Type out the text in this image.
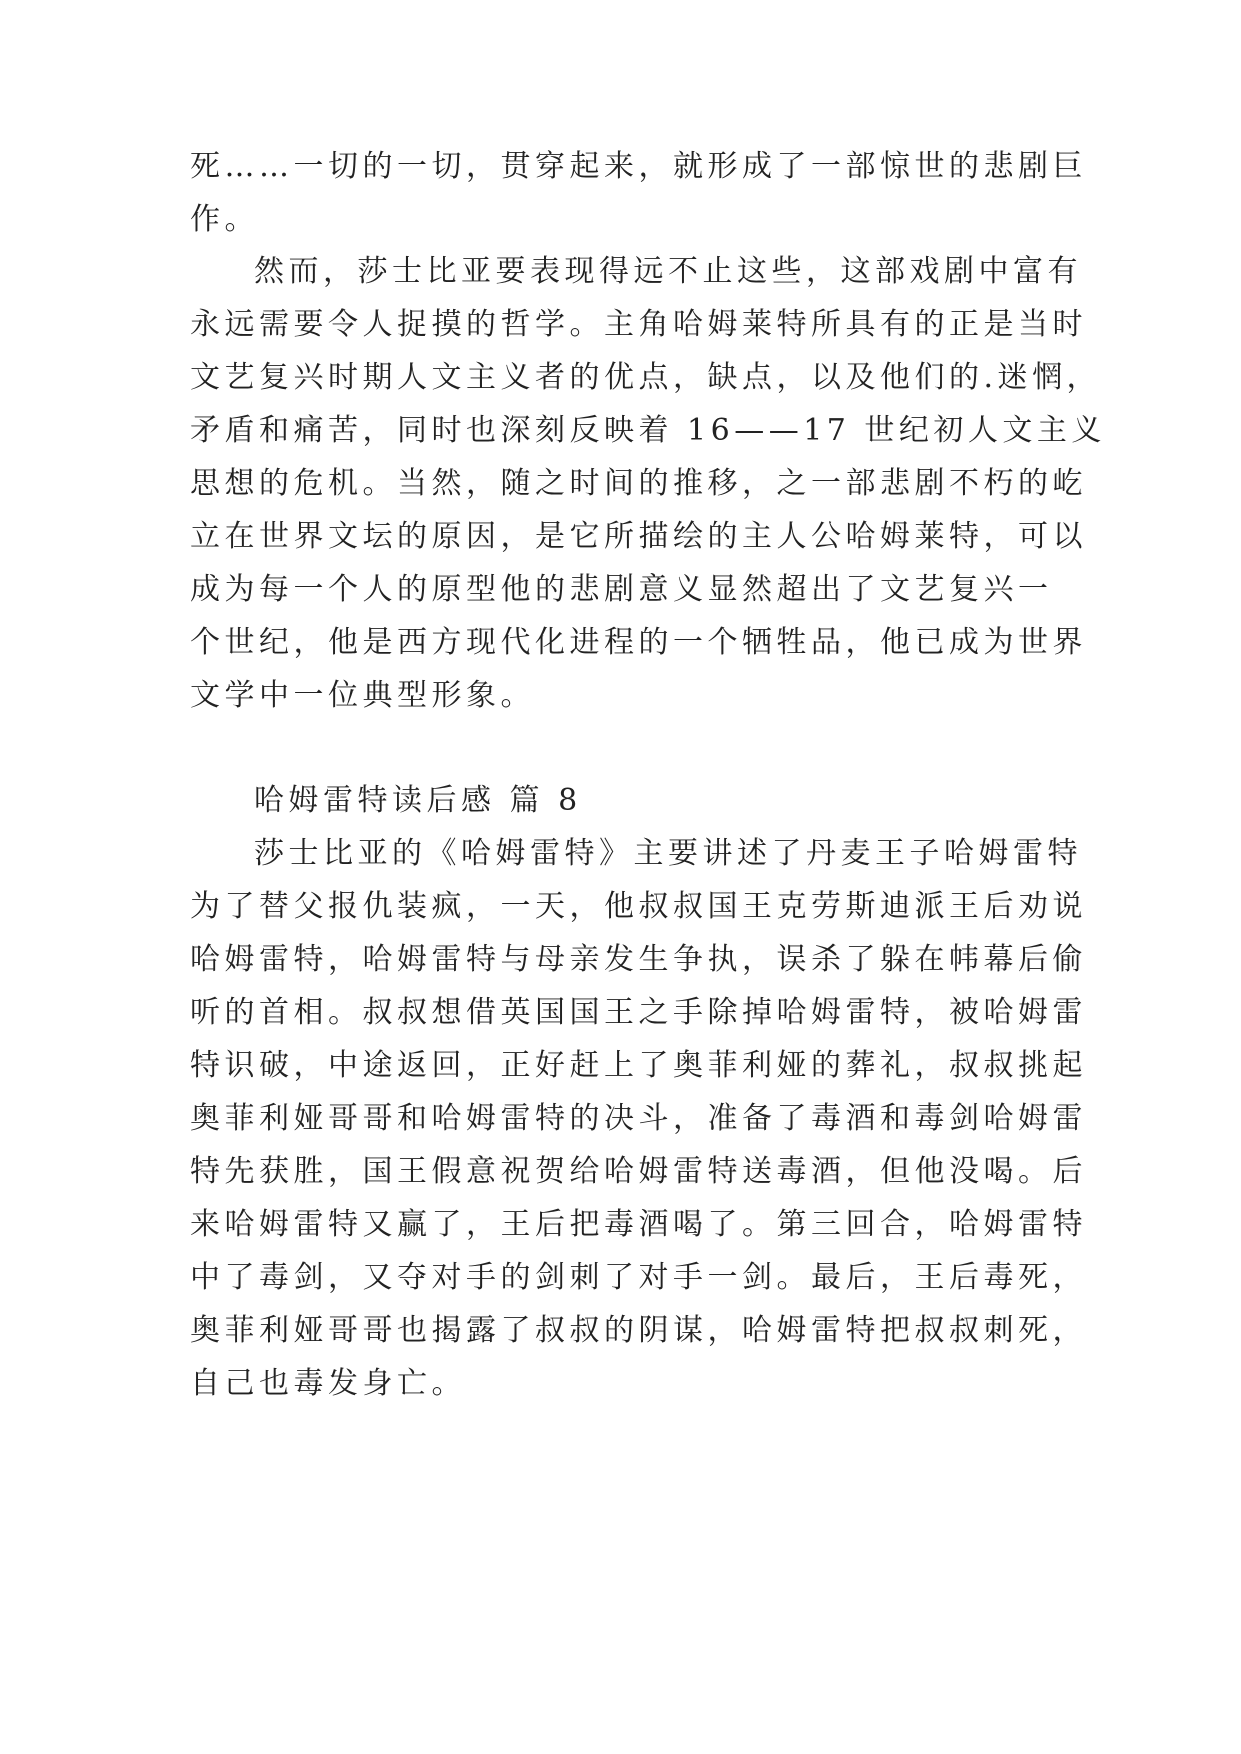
死……一切的一切，贯穿起来，就形成了一部惊世的悲剧巨
作。
然而，莎士比亚要表现得远不止这些，这部戏剧中富有
永远需要令人捉摸的哲学。主角哈姆莱特所具有的正是当时
文艺复兴时期人文主义者的优点，缺点，以及他们的.迷惘，
矛盾和痛苦，同时也深刻反映着 16——17 世纪初人文主义
思想的危机。当然，随之时间的推移，之一部悲剧不朽的屹
立在世界文坛的原因，是它所描绘的主人公哈姆莱特，可以
成为每一个人的原型他的悲剧意义显然超出了文艺复兴一
个世纪，他是西方现代化进程的一个牺牲品，他已成为世界
文学中一位典型形象。
哈姆雷特读后感 篇 8
莎士比亚的《哈姆雷特》主要讲述了丹麦王子哈姆雷特
为了替父报仇装疯，一天，他叔叔国王克劳斯迪派王后劝说
哈姆雷特，哈姆雷特与母亲发生争执，误杀了躲在帏幕后偷
听的首相。叔叔想借英国国王之手除掉哈姆雷特，被哈姆雷
特识破，中途返回，正好赶上了奥菲利娅的葬礼，叔叔挑起
奥菲利娅哥哥和哈姆雷特的决斗，准备了毒酒和毒剑哈姆雷
特先获胜，国王假意祝贺给哈姆雷特送毒酒，但他没喝。后
来哈姆雷特又赢了，王后把毒酒喝了。第三回合，哈姆雷特
中了毒剑，又夺对手的剑刺了对手一剑。最后，王后毒死，
奥菲利娅哥哥也揭露了叔叔的阴谋，哈姆雷特把叔叔刺死，
自己也毒发身亡。
